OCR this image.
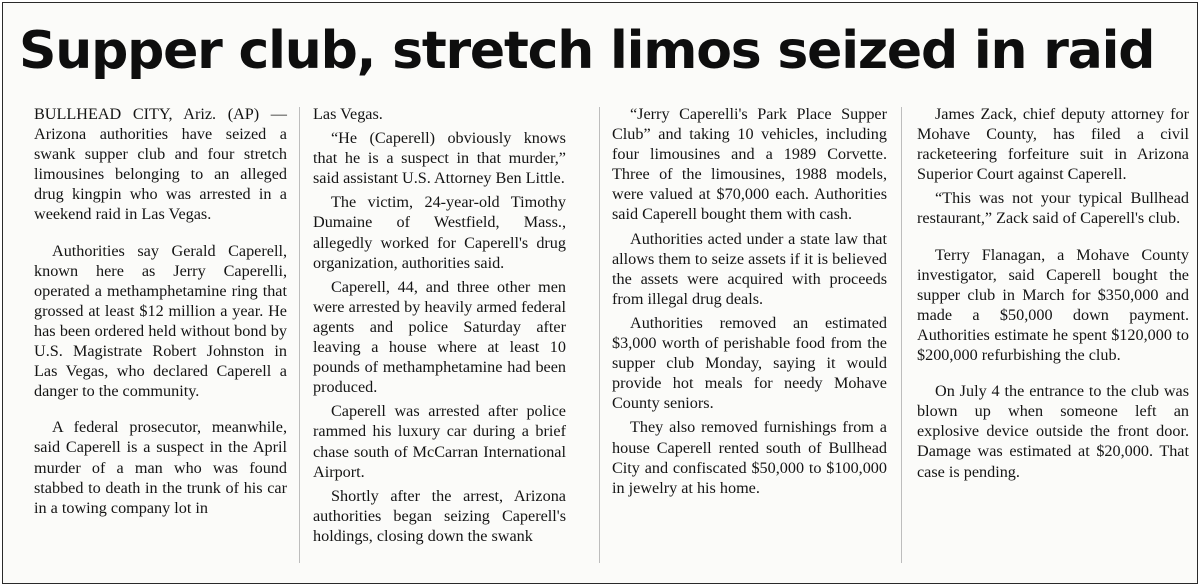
Supper club, stretch limos seized in raid

BULLHEAD CITY, Ariz. (AP) — Arizona authorities have seized a swank supper club and four stretch limousines belonging to an alleged drug kingpin who was arrested in a weekend raid in Las Vegas.

Authorities say Gerald Caperell, known here as Jerry Caperelli, operated a methamphetamine ring that grossed at least $12 million a year. He has been ordered held without bond by U.S. Magistrate Robert Johnston in Las Vegas, who declared Caperell a danger to the community.

A federal prosecutor, meanwhile, said Caperell is a suspect in the April murder of a man who was found stabbed to death in the trunk of his car in a towing company lot in

Las Vegas.

“He (Caperell) obviously knows that he is a suspect in that murder,” said assistant U.S. Attorney Ben Little.

The victim, 24-year-old Timothy Dumaine of Westfield, Mass., allegedly worked for Caperell's drug organization, authorities said.

Caperell, 44, and three other men were arrested by heavily armed federal agents and police Saturday after leaving a house where at least 10 pounds of methamphetamine had been produced.

Caperell was arrested after police rammed his luxury car during a brief chase south of McCarran International Airport.

Shortly after the arrest, Arizona authorities began seizing Caperell's holdings, closing down the swank

“Jerry Caperelli's Park Place Supper Club” and taking 10 vehicles, including four limousines and a 1989 Corvette. Three of the limousines, 1988 models, were valued at $70,000 each. Authorities said Caperell bought them with cash.

Authorities acted under a state law that allows them to seize assets if it is believed the assets were acquired with proceeds from illegal drug deals.

Authorities removed an estimated $3,000 worth of perishable food from the supper club Monday, saying it would provide hot meals for needy Mohave County seniors.

They also removed furnishings from a house Caperell rented south of Bullhead City and confiscated $50,000 to $100,000 in jewelry at his home.

James Zack, chief deputy attorney for Mohave County, has filed a civil racketeering forfeiture suit in Arizona Superior Court against Caperell.

“This was not your typical Bullhead restaurant,” Zack said of Caperell's club.

Terry Flanagan, a Mohave County investigator, said Caperell bought the supper club in March for $350,000 and made a $50,000 down payment. Authorities estimate he spent $120,000 to $200,000 refurbishing the club.

On July 4 the entrance to the club was blown up when someone left an explosive device outside the front door. Damage was estimated at $20,000. That case is pending.
